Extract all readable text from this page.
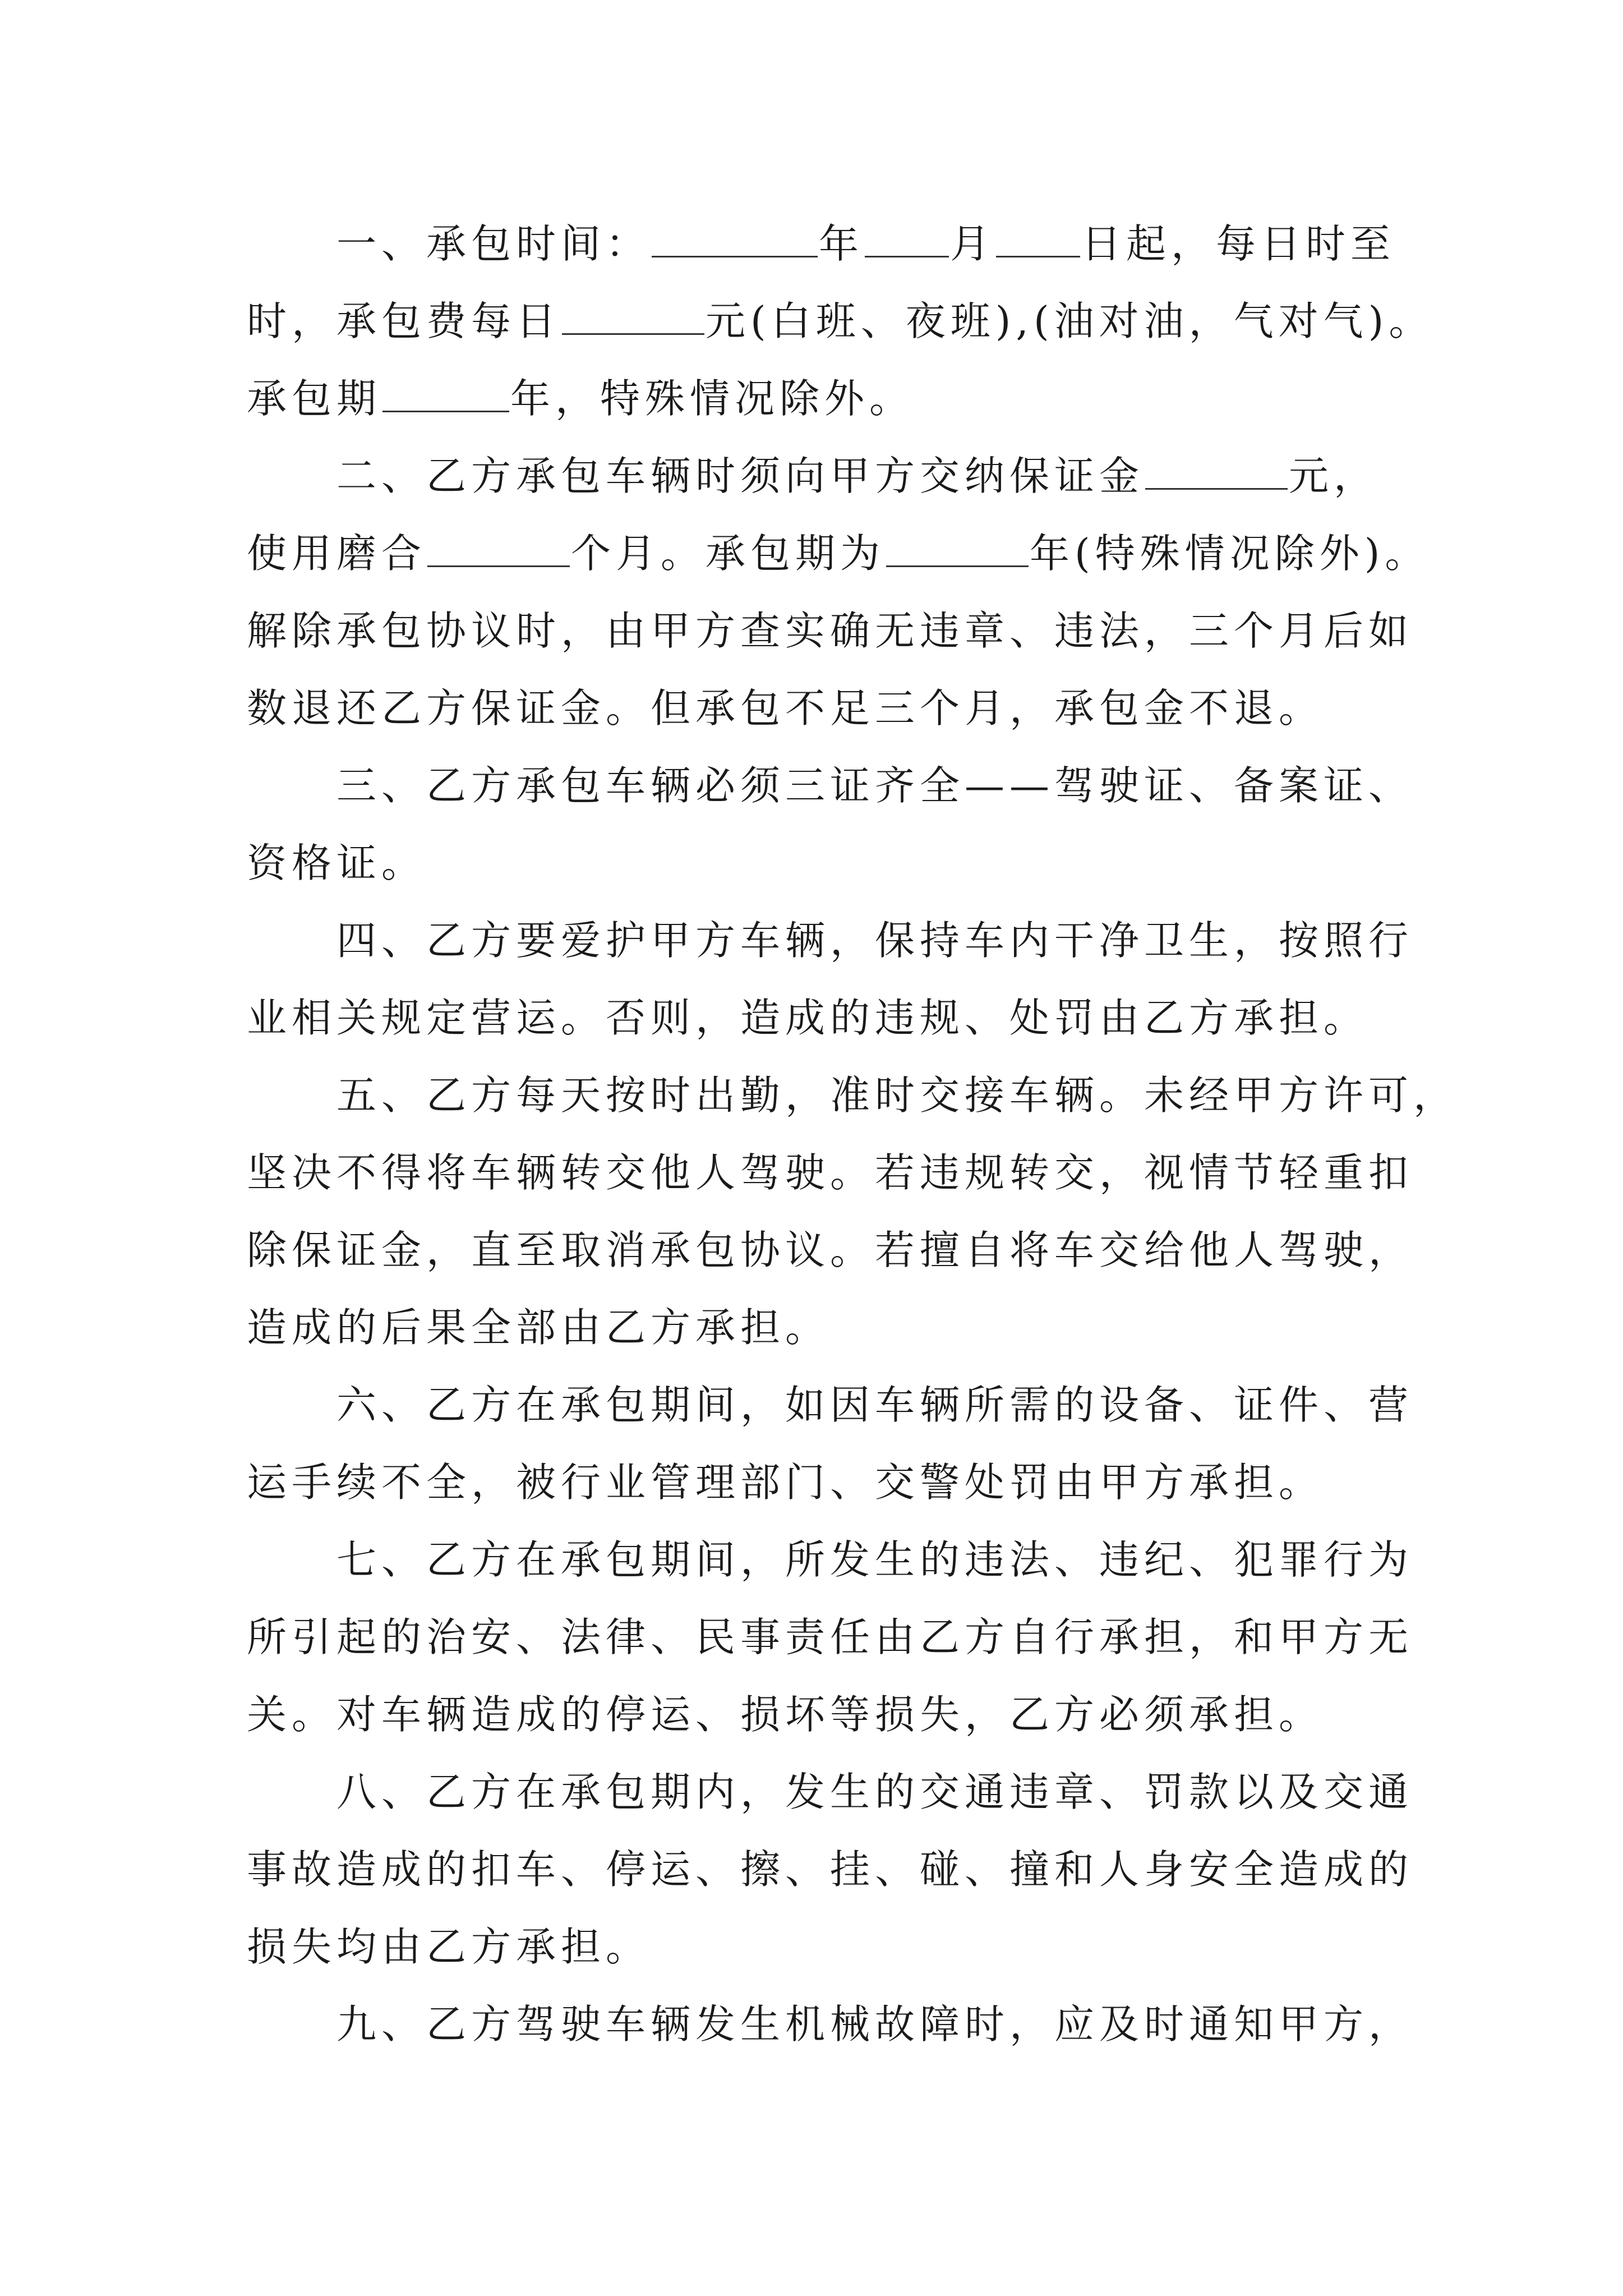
一、承包时间：	年 月 日起，每日时至
时，承包费每日	元(白班、夜班),(油对油，气对气)。
承包期	年，特殊情况除外。
二、乙方承包车辆时须向甲方交纳保证金	元，
使用磨合	个月。承包期为	年(特殊情况除外)。
解除承包协议时，由甲方查实确无违章、违法，三个月后如
数退还乙方保证金。但承包不足三个月，承包金不退。
三、乙方承包车辆必须三证齐全——驾驶证、备案证、
资格证。
四、乙方要爱护甲方车辆，保持车内干净卫生，按照行
业相关规定营运。否则，造成的违规、处罚由乙方承担。
五、乙方每天按时出勤，准时交接车辆。未经甲方许可，
坚决不得将车辆转交他人驾驶。若违规转交，视情节轻重扣
除保证金，直至取消承包协议。若擅自将车交给他人驾驶，
造成的后果全部由乙方承担。
六、乙方在承包期间，如因车辆所需的设备、证件、营
运手续不全，被行业管理部门、交警处罚由甲方承担。
七、乙方在承包期间，所发生的违法、违纪、犯罪行为
所引起的治安、法律、民事责任由乙方自行承担，和甲方无
关。对车辆造成的停运、损坏等损失，乙方必须承担。
八、乙方在承包期内，发生的交通违章、罚款以及交通
事故造成的扣车、停运、擦、挂、碰、撞和人身安全造成的
损失均由乙方承担。
九、乙方驾驶车辆发生机械故障时，应及时通知甲方，
